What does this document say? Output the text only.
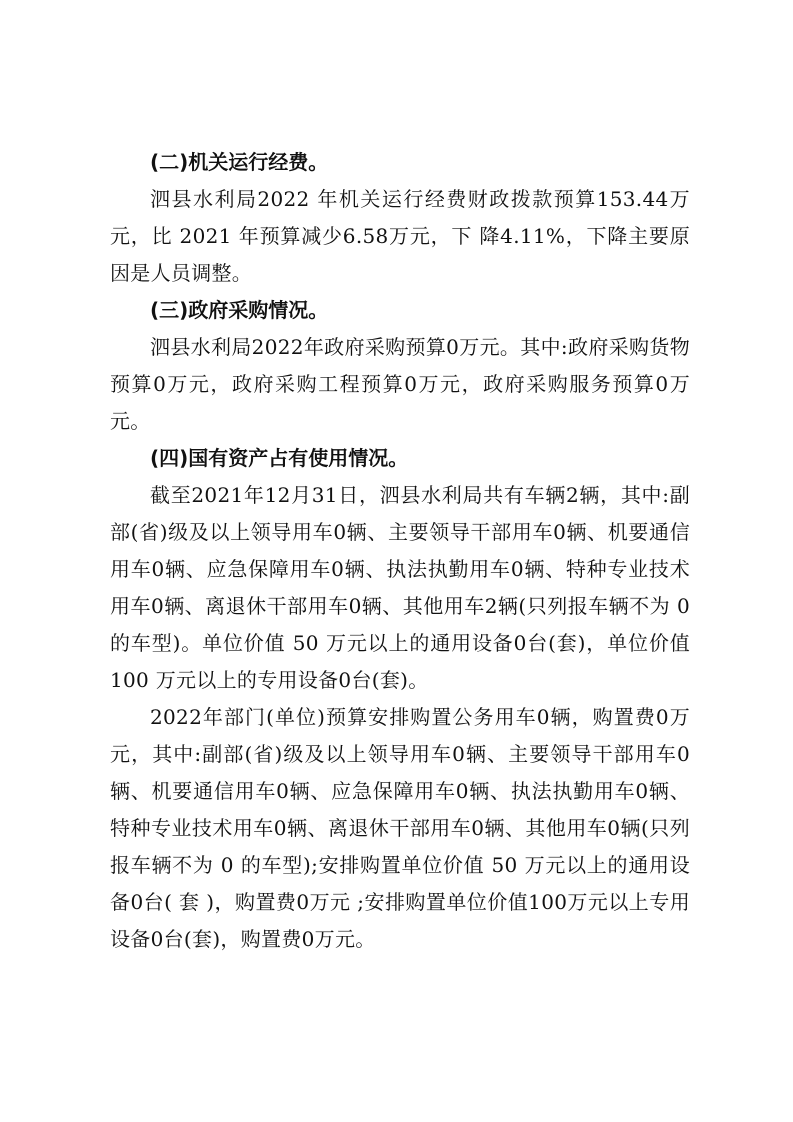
(二)机关运行经费。

泗县水利局2022 年机关运行经费财政拨款预算153.44万元，比 2021 年预算减少6.58万元，下 降4.11%，下降主要原因是人员调整。

(三)政府采购情况。

泗县水利局2022年政府采购预算0万元。其中:政府采购货物预算0万元，政府采购工程预算0万元，政府采购服务预算0万元。

(四)国有资产占有使用情况。

截至2021年12月31日，泗县水利局共有车辆2辆，其中:副部(省)级及以上领导用车0辆、主要领导干部用车0辆、机要通信用车0辆、应急保障用车0辆、执法执勤用车0辆、特种专业技术用车0辆、离退休干部用车0辆、其他用车2辆(只列报车辆不为 0 的车型)。单位价值 50 万元以上的通用设备0台(套)，单位价值 100 万元以上的专用设备0台(套)。

2022年部门(单位)预算安排购置公务用车0辆，购置费0万元，其中:副部(省)级及以上领导用车0辆、主要领导干部用车0辆、机要通信用车0辆、应急保障用车0辆、执法执勤用车0辆、特种专业技术用车0辆、离退休干部用车0辆、其他用车0辆(只列报车辆不为 0 的车型);安排购置单位价值 50 万元以上的通用设备0台( 套 )，购置费0万元 ;安排购置单位价值100万元以上专用设备0台(套)，购置费0万元。
